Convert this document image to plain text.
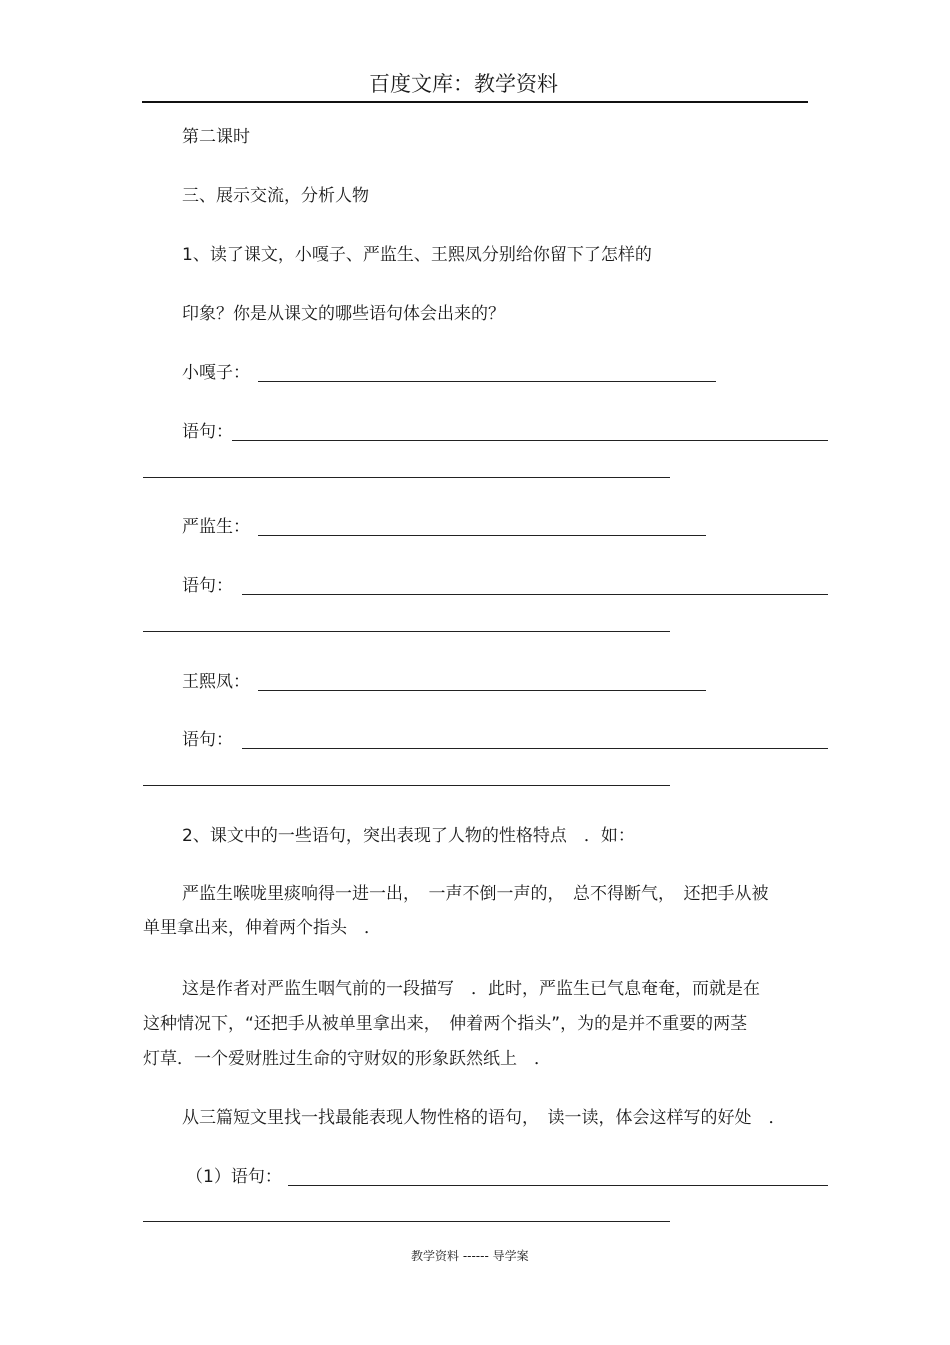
百度文库：教学资料
第二课时
三、展示交流，分析人物
1、读了课文，小嘎子、严监生、王熙凤分别给你留下了怎样的
印象？你是从课文的哪些语句体会出来的？
小嘎子：
语句：
严监生：
语句：
王熙凤：
语句：
2、课文中的一些语句，突出表现了人物的性格特点　．如：
严监生喉咙里痰响得一进一出，　一声不倒一声的，　总不得断气，　还把手从被
单里拿出来，伸着两个指头　．
这是作者对严监生咽气前的一段描写　．此时，严监生已气息奄奄，而就是在
这种情况下，“还把手从被单里拿出来，　伸着两个指头”，为的是并不重要的两茎
灯草．一个爱财胜过生命的守财奴的形象跃然纸上　．
从三篇短文里找一找最能表现人物性格的语句，　读一读，体会这样写的好处　．
（1）语句：
教学资料 ------ 导学案
